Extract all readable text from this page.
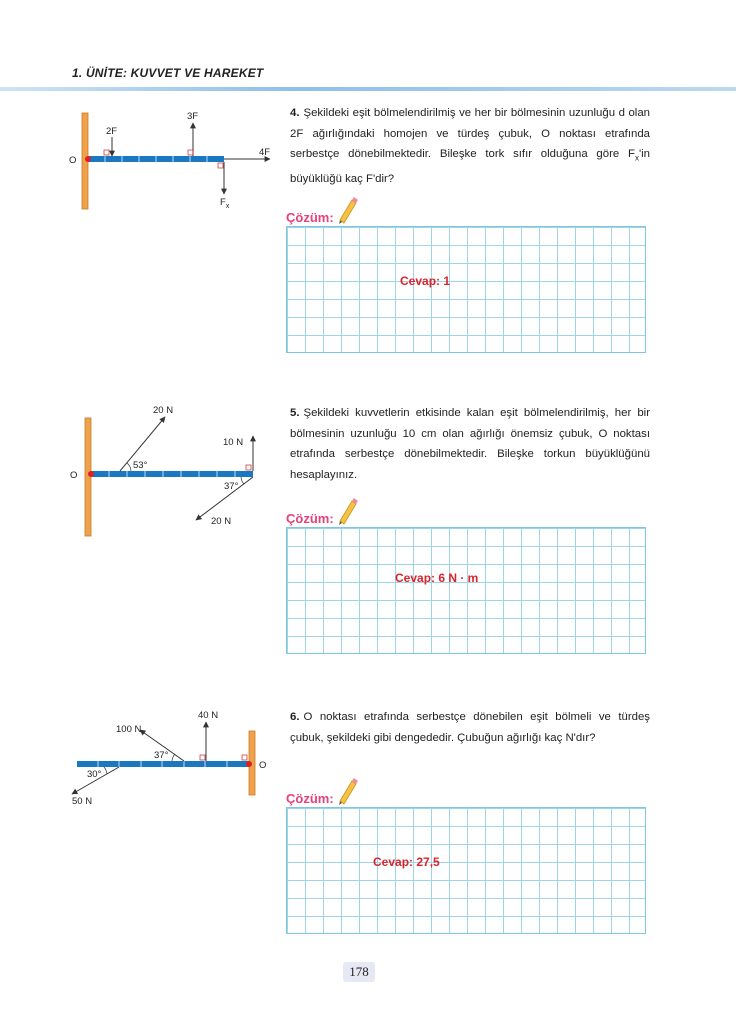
1. ÜNİTE: KUVVET VE HAREKET
O
2F
3F
4F
$F_x$
4. Şekildeki eşit bölmelendirilmiş ve her bir bölmesinin uzunluğu d olan 2F ağırlığındaki homojen ve türdeş çubuk, O noktası etrafında serbestçe dönebilmektedir. Bileşke tork sıfır olduğuna göre $F_x'in$ büyüklüğü kaç F'dir?
Çözüm:
Cevap: 1
O
20 N
53°
10 N
20 N
37°
5. Şekildeki kuvvetlerin etkisinde kalan eşit bölmelendirilmiş, her bir bölmesinin uzunluğu 10 cm olan ağırlığı önemsiz çubuk, O noktası etrafında serbestçe dönebilmektedir. Bileşke torkun büyüklüğünü hesaplayınız.
Çözüm:
Cevap: 6 N · m
O
100 N
37°
40 N
50 N
30°
6. O noktası etrafında serbestçe dönebilen eşit bölmeli ve türdeş çubuk, şekildeki gibi dengededir. Çubuğun ağırlığı kaç N'dır?
Çözüm:
Cevap: 27,5
178
